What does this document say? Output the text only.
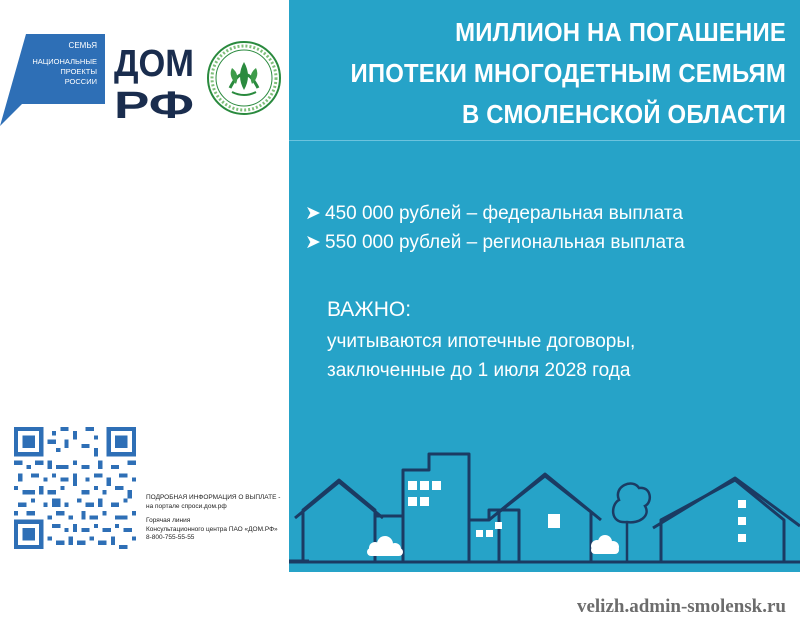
СЕМЬЯ
НАЦИОНАЛЬНЫЕ
ПРОЕКТЫ
РОССИИ ДОМ
РФ

ПОДРОБНАЯ ИНФОРМАЦИЯ О ВЫПЛАТЕ -
на портале спроси.дом.рф

Горячая линия
Консультационного центра ПАО «ДОМ.РФ»
8-800-755-55-55

МИЛЛИОН НА ПОГАШЕНИЕ
ИПОТЕКИ МНОГОДЕТНЫМ СЕМЬЯМ
В СМОЛЕНСКОЙ ОБЛАСТИ
➤ 450 000 рублей – федеральная выплата
➤ 550 000 рублей – региональная выплата
ВАЖНО:
учитываются ипотечные договоры,
заключенные до 1 июля 2028 года
velizh.admin-smolensk.ru
